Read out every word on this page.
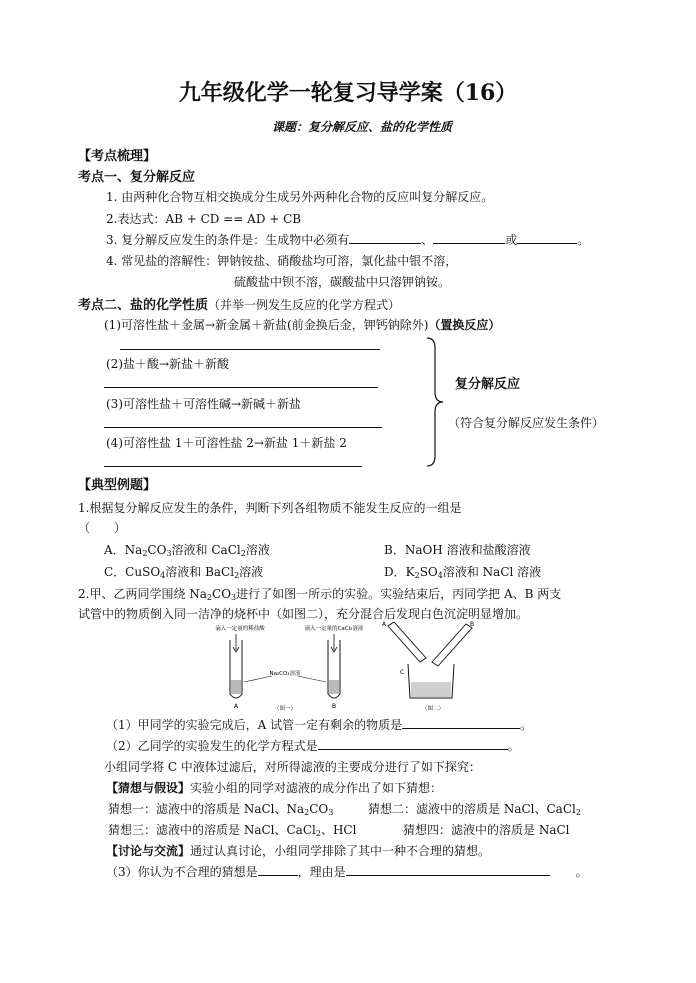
九年级化学一轮复习导学案（16）
课题：复分解反应、盐的化学性质
【考点梳理】
考点一、复分解反应
1. 由两种化合物互相交换成分生成另外两种化合物的反应叫复分解反应。
2.表达式：AB + CD == AD + CB
3. 复分解反应发生的条件是：生成物中必须有	、	或	。
4. 常见盐的溶解性：钾钠铵盐、硝酸盐均可溶，氯化盐中银不溶，
硫酸盐中钡不溶，碳酸盐中只溶钾钠铵。
考点二、盐的化学性质（并举一例发生反应的化学方程式）
(1)可溶性盐＋金属→新金属＋新盐(前金换后金，钾钙钠除外)（置换反应）
(2)盐＋酸→新盐＋新酸
(3)可溶性盐＋可溶性碱→新碱＋新盐
(4)可溶性盐 1＋可溶性盐 2→新盐 1＋新盐 2
复分解反应
（符合复分解反应发生条件）
【典型例题】
1.根据复分解反应发生的条件，判断下列各组物质不能发生反应的一组是
（　　）
A．$Na_2CO_3$溶液和 CaCl$_2$溶液	B．NaOH 溶液和盐酸溶液
C．CuSO$_4$溶液和 BaCl$_2$溶液	D．$K_2SO_4$溶液和 NaCl 溶液
2.甲、乙两同学围绕 $Na_2CO_3$进行了如图一所示的实验。实验结束后，丙同学把 A、B 两支
试管中的物质倒入同一洁净的烧杯中（如图二），充分混合后发现白色沉淀明显增加。
滴入一定量的稀盐酸	滴入一定量的CaCl₂溶液
Na₂CO₃溶液
A	B
（图一）
A	B
C
（图二）
（1）甲同学的实验完成后，A 试管一定有剩余的物质是	。
（2）乙同学的实验发生的化学方程式是	。
小组同学将 C 中液体过滤后，对所得滤液的主要成分进行了如下探究：
【猜想与假设】实验小组的同学对滤液的成分作出了如下猜想：
猜想一：滤液中的溶质是 NaCl、$Na_2CO_3$	猜想二：滤液中的溶质是 NaCl、CaCl$_2$
猜想三：滤液中的溶质是 NaCl、CaCl$_2$、HCl	猜想四：滤液中的溶质是 NaCl
【讨论与交流】通过认真讨论，小组同学排除了其中一种不合理的猜想。
（3）你认为不合理的猜想是	，理由是	。
